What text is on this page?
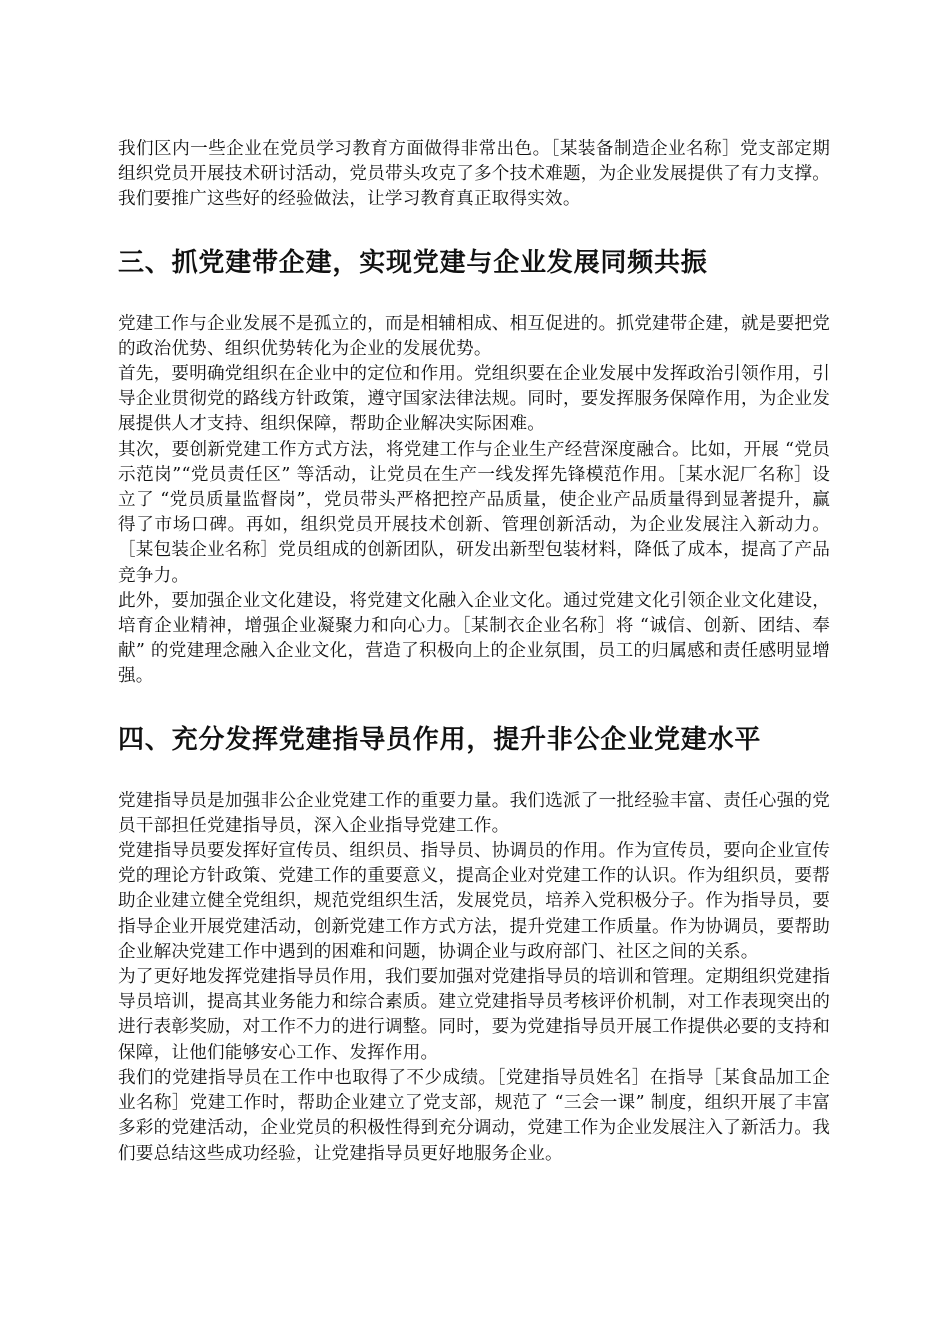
我们区内一些企业在党员学习教育方面做得非常出色。［某装备制造企业名称］党支部定期组织党员开展技术研讨活动，党员带头攻克了多个技术难题，为企业发展提供了有力支撑。我们要推广这些好的经验做法，让学习教育真正取得实效。

三、抓党建带企建，实现党建与企业发展同频共振

党建工作与企业发展不是孤立的，而是相辅相成、相互促进的。抓党建带企建，就是要把党的政治优势、组织优势转化为企业的发展优势。

首先，要明确党组织在企业中的定位和作用。党组织要在企业发展中发挥政治引领作用，引导企业贯彻党的路线方针政策，遵守国家法律法规。同时，要发挥服务保障作用，为企业发展提供人才支持、组织保障，帮助企业解决实际困难。

其次，要创新党建工作方式方法，将党建工作与企业生产经营深度融合。比如，开展 “党员示范岗”“党员责任区” 等活动，让党员在生产一线发挥先锋模范作用。［某水泥厂名称］设立了 “党员质量监督岗”，党员带头严格把控产品质量，使企业产品质量得到显著提升，赢得了市场口碑。再如，组织党员开展技术创新、管理创新活动，为企业发展注入新动力。［某包装企业名称］党员组成的创新团队，研发出新型包装材料，降低了成本，提高了产品竞争力。

此外，要加强企业文化建设，将党建文化融入企业文化。通过党建文化引领企业文化建设，培育企业精神，增强企业凝聚力和向心力。［某制衣企业名称］将 “诚信、创新、团结、奉献” 的党建理念融入企业文化，营造了积极向上的企业氛围，员工的归属感和责任感明显增强。

四、充分发挥党建指导员作用，提升非公企业党建水平

党建指导员是加强非公企业党建工作的重要力量。我们选派了一批经验丰富、责任心强的党员干部担任党建指导员，深入企业指导党建工作。

党建指导员要发挥好宣传员、组织员、指导员、协调员的作用。作为宣传员，要向企业宣传党的理论方针政策、党建工作的重要意义，提高企业对党建工作的认识。作为组织员，要帮助企业建立健全党组织，规范党组织生活，发展党员，培养入党积极分子。作为指导员，要指导企业开展党建活动，创新党建工作方式方法，提升党建工作质量。作为协调员，要帮助企业解决党建工作中遇到的困难和问题，协调企业与政府部门、社区之间的关系。

为了更好地发挥党建指导员作用，我们要加强对党建指导员的培训和管理。定期组织党建指导员培训，提高其业务能力和综合素质。建立党建指导员考核评价机制，对工作表现突出的进行表彰奖励，对工作不力的进行调整。同时，要为党建指导员开展工作提供必要的支持和保障，让他们能够安心工作、发挥作用。

我们的党建指导员在工作中也取得了不少成绩。［党建指导员姓名］在指导［某食品加工企业名称］党建工作时，帮助企业建立了党支部，规范了 “三会一课” 制度，组织开展了丰富多彩的党建活动，企业党员的积极性得到充分调动，党建工作为企业发展注入了新活力。我们要总结这些成功经验，让党建指导员更好地服务企业。
